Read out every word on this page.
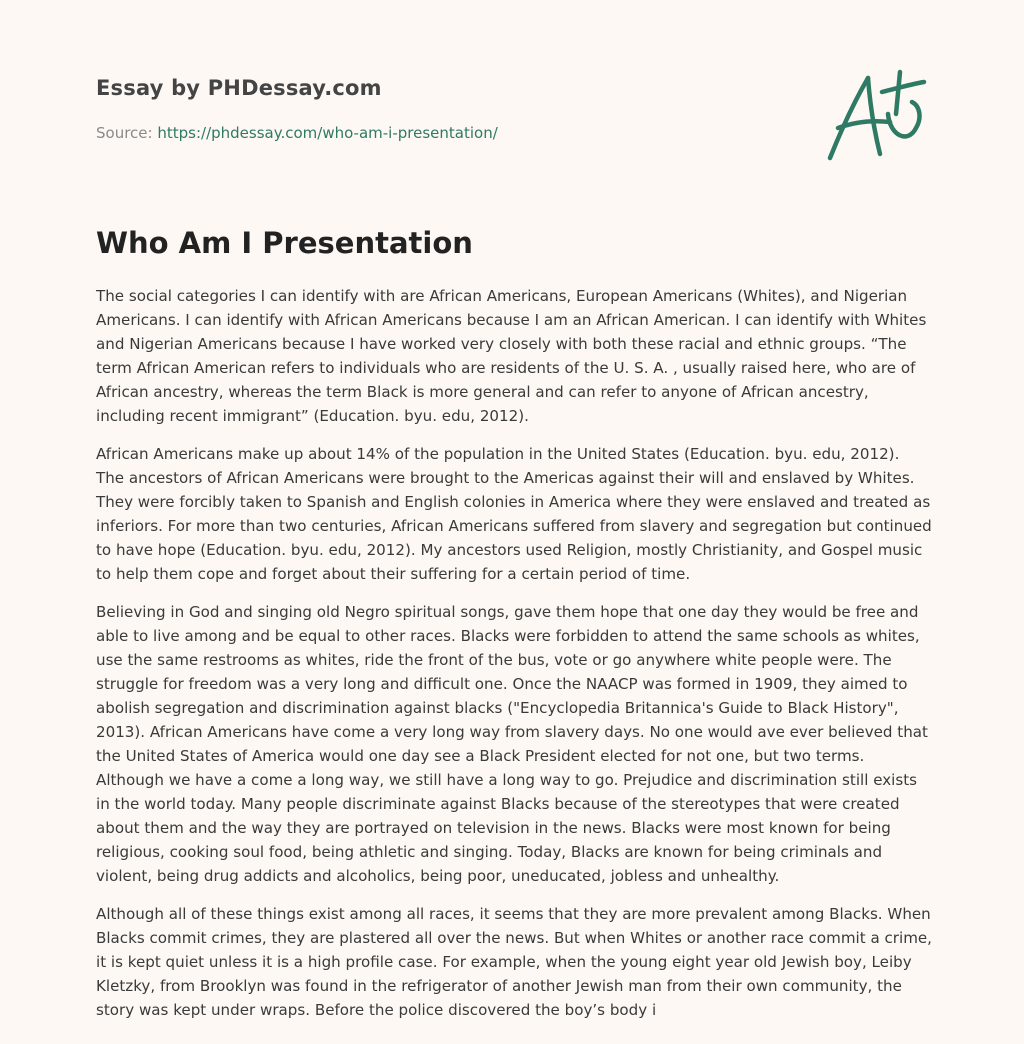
Essay by PHDessay.com
Source: https://phdessay.com/who-am-i-presentation/
Who Am I Presentation

The social categories I can identify with are African Americans, European Americans (Whites), and Nigerian Americans. I can identify with African Americans because I am an African American. I can identify with Whites and Nigerian Americans because I have worked very closely with both these racial and ethnic groups. “The term African American refers to individuals who are residents of the U. S. A. , usually raised here, who are of African ancestry, whereas the term Black is more general and can refer to anyone of African ancestry, including recent immigrant” (Education. byu. edu, 2012).

African Americans make up about 14% of the population in the United States (Education. byu. edu, 2012). The ancestors of African Americans were brought to the Americas against their will and enslaved by Whites. They were forcibly taken to Spanish and English colonies in America where they were enslaved and treated as inferiors. For more than two centuries, African Americans suffered from slavery and segregation but continued to have hope (Education. byu. edu, 2012). My ancestors used Religion, mostly Christianity, and Gospel music to help them cope and forget about their suffering for a certain period of time.

Believing in God and singing old Negro spiritual songs, gave them hope that one day they would be free and able to live among and be equal to other races. Blacks were forbidden to attend the same schools as whites, use the same restrooms as whites, ride the front of the bus, vote or go anywhere white people were. The struggle for freedom was a very long and difficult one. Once the NAACP was formed in 1909, they aimed to abolish segregation and discrimination against blacks ("Encyclopedia Britannica's Guide to Black History", 2013). African Americans have come a very long way from slavery days. No one would ave ever believed that the United States of America would one day see a Black President elected for not one, but two terms. Although we have a come a long way, we still have a long way to go. Prejudice and discrimination still exists in the world today. Many people discriminate against Blacks because of the stereotypes that were created about them and the way they are portrayed on television in the news. Blacks were most known for being religious, cooking soul food, being athletic and singing. Today, Blacks are known for being criminals and violent, being drug addicts and alcoholics, being poor, uneducated, jobless and unhealthy.

Although all of these things exist among all races, it seems that they are more prevalent among Blacks. When Blacks commit crimes, they are plastered all over the news. But when Whites or another race commit a crime, it is kept quiet unless it is a high profile case. For example, when the young eight year old Jewish boy, Leiby Kletzky, from Brooklyn was found in the refrigerator of another Jewish man from their own community, the story was kept under wraps. Before the police discovered the boy’s body i
